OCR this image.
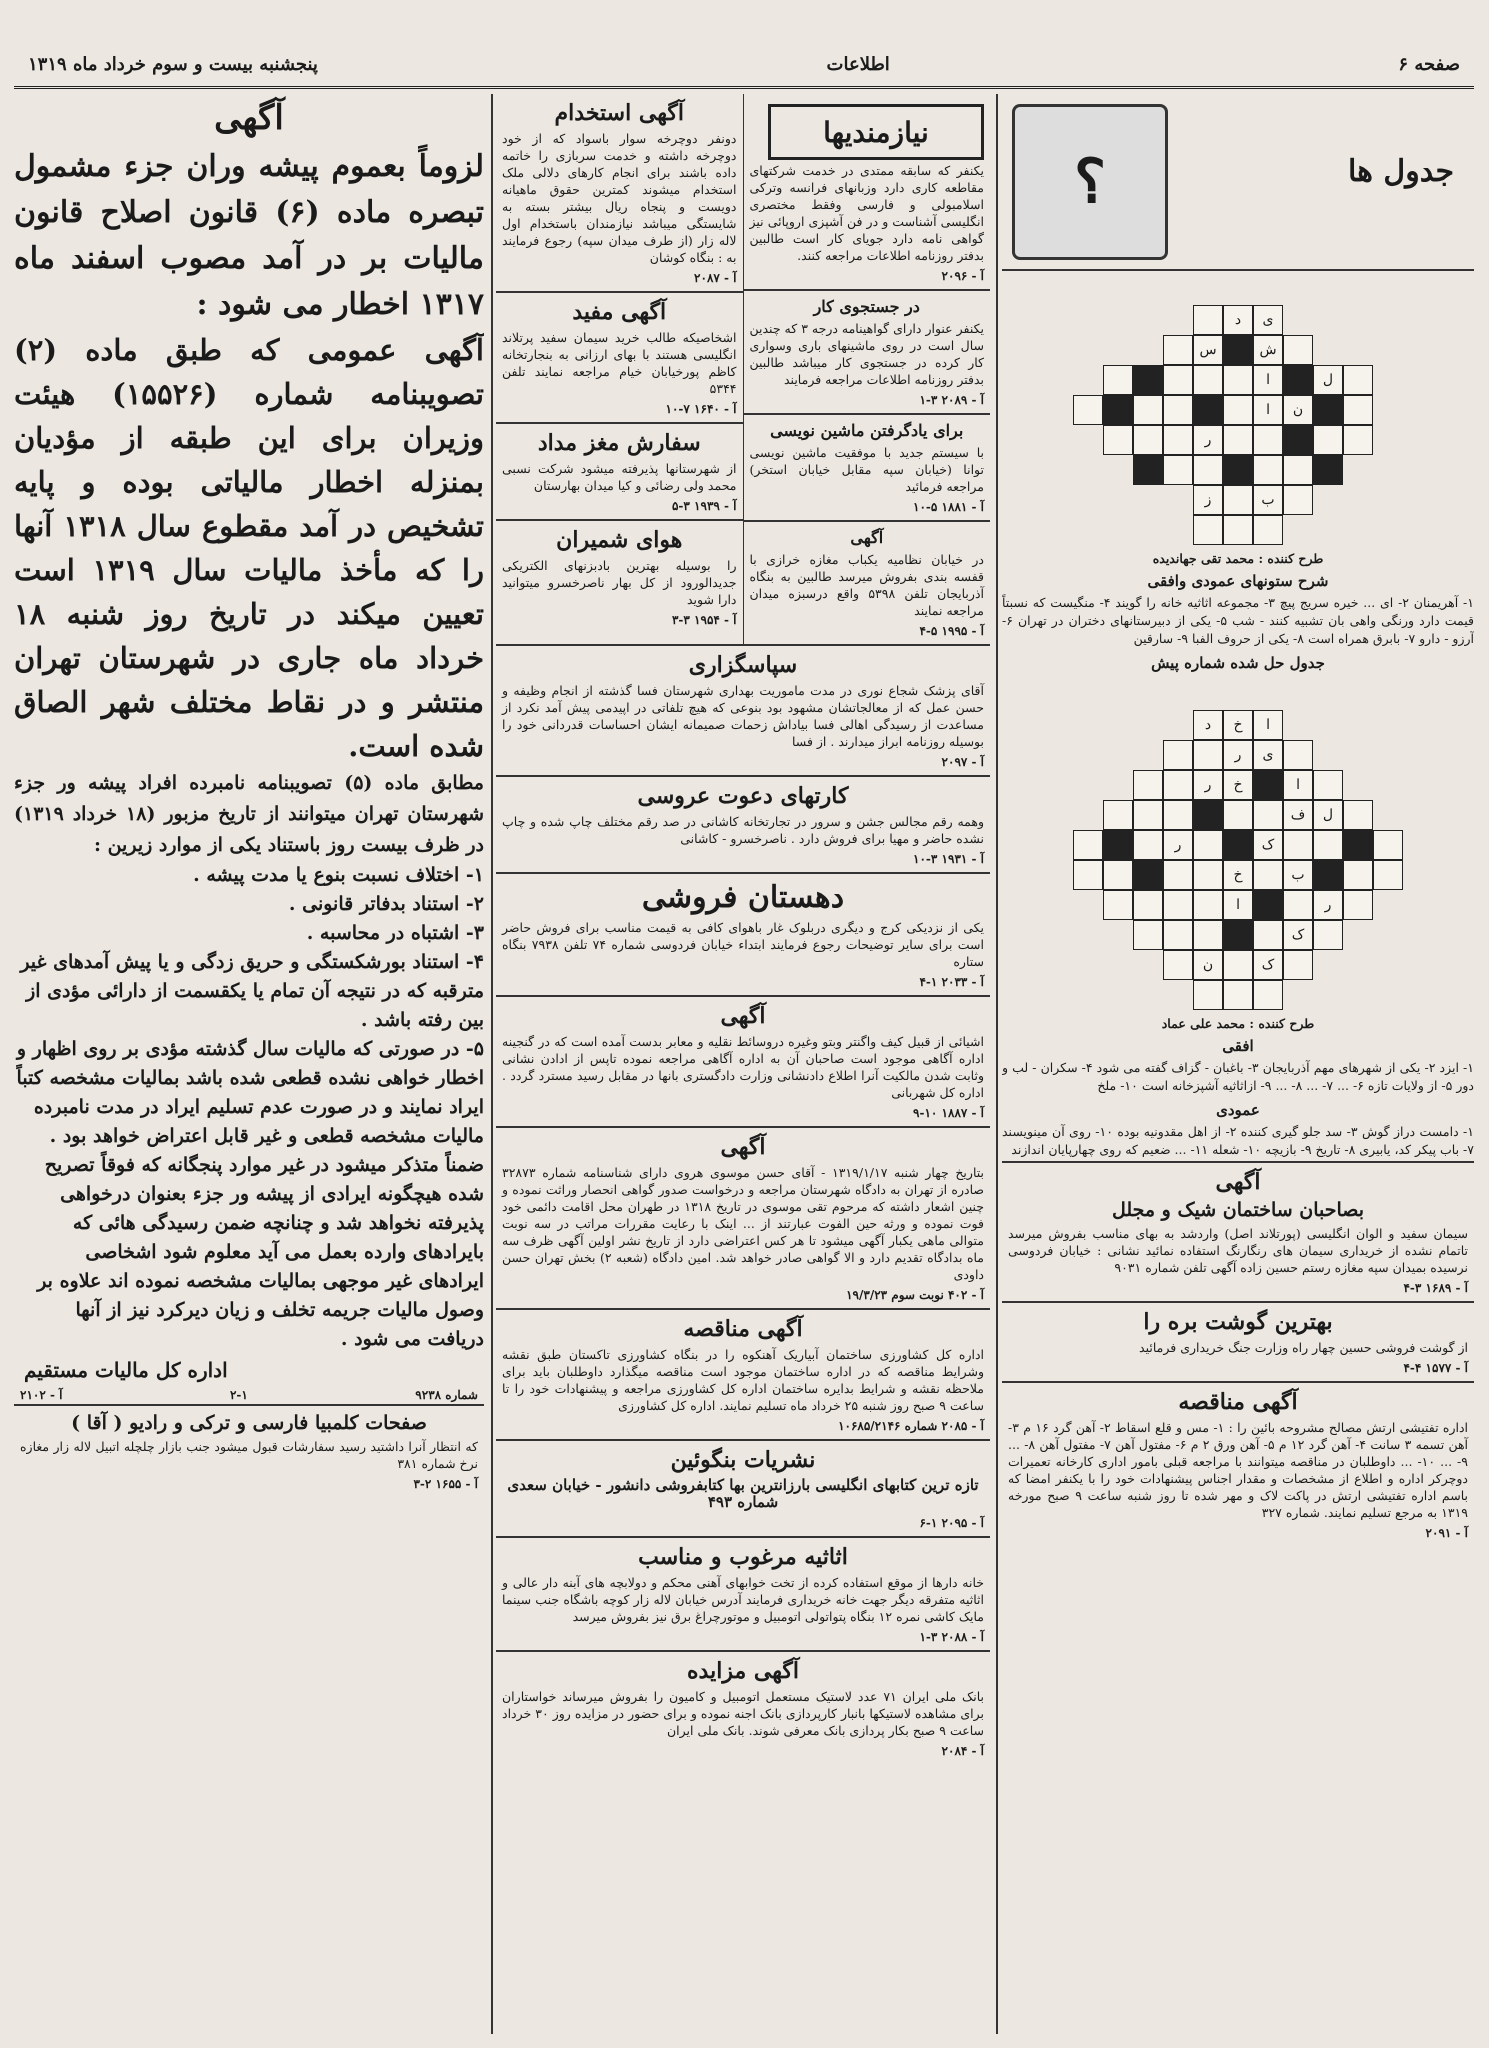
صفحه ۶
اطلاعات
پنجشنبه بیست و سوم خرداد ماه ۱۳۱۹
؟	جدول ها
ی
د
ش
س
ل
ا
ن
ا
ر
ب
ز
طرح کننده : محمد تقی جهاندیده
شرح ستونهای عمودی وافقی

۱- آهریمنان ۲- ای ... خیره سریج پیچ ۳- مجموعه اثاثیه خانه را گویند ۴- منگیست که نسبتاً قیمت دارد ورنگی واهی بان تشبیه کنند - شب ۵- یکی از دبیرستانهای دختران در تهران ۶- آرزو - دارو ۷- بابرق همراه است ۸- یکی از حروف الفبا ۹- سارقین

جدول حل شده شماره پیش
ا
خ
د
ی
ر
ا
خ
ر
ل
ف
ک
ر
ب
خ
ر
ا
ک
ک
ن
طرح کننده : محمد علی عماد
افقی

۱- ایزد ۲- یکی از شهرهای مهم آذربایجان ۳- باغبان - گزاف گفته می شود ۴- سکران - لب و دور ۵- از ولایات تازه ۶- ... ۷- ... ۸- ... ۹- ازاثاثیه آشپزخانه است ۱۰- ملخ

عمودی

۱- دامست دراز گوش ۳- سد جلو گیری کننده ۲- از اهل مقدونیه بوده ۱۰- روی آن مینویسند ۷- باب پیکر کد، یابیری ۸- تاریخ ۹- بازیچه ۱۰- شعله ۱۱- ... ضعیم که روی چهارپایان اندازند

آگهی
بصاحبان ساختمان شیک و مجلل

سیمان سفید و الوان انگلیسی (پورتلاند اصل) واردشد به بهای مناسب بفروش میرسد تاتمام نشده از خریداری سیمان های رنگارنگ استفاده نمائید نشانی : خیابان فردوسی نرسیده بمیدان سپه مغازه رستم حسین زاده آگهی تلفن شماره ۹۰۳۱

آ - ۱۶۸۹ ۳-۴
بهترین گوشت بره را

از گوشت فروشی حسین چهار راه وزارت جنگ خریداری فرمائید

آ - ۱۵۷۷ ۴-۴
آگهی مناقصه

اداره تفتیشی ارتش مصالح مشروحه بائین را : ۱- مس و قلع اسقاط ۲- آهن گرد ۱۶ م ۳- آهن تسمه ۳ سانت ۴- آهن گرد ۱۲ م ۵- آهن ورق ۲ م ۶- مفتول آهن ۷- مفتول آهن ۸- ... ۹- ... ۱۰- ... داوطلبان در مناقصه میتوانند با مراجعه قبلی بامور اداری کارخانه تعمیرات دوچرکر اداره و اطلاع از مشخصات و مقدار اجناس پیشنهادات خود را با یکنفر امضا که باسم اداره تفتیشی ارتش در پاکت لاک و مهر شده تا روز شنبه ساعت ۹ صبح مورخه ۱۳۱۹ به مرجع تسلیم نمایند. شماره ۳۲۷

آ - ۲۰۹۱
نیازمندیها

یکنفر که سابقه ممتدی در خدمت شرکتهای مقاطعه کاری دارد وزبانهای فرانسه وترکی اسلامبولی و فارسی وفقط مختصری انگلیسی آشناست و در فن آشپزی اروپائی نیز گواهی نامه دارد جویای کار است طالبین بدفتر روزنامه اطلاعات مراجعه کنند.

آ - ۲۰۹۶
در جستجوی کار

یکنفر عنوار دارای گواهینامه درجه ۳ که چندین سال است در روی ماشینهای باری وسواری کار کرده در جستجوی کار میباشد طالبین بدفتر روزنامه اطلاعات مراجعه فرمایند

آ - ۲۰۸۹ ۳-۱
برای یادگرفتن ماشین نویسی

با سیستم جدید با موفقیت ماشین نویسی توانا (خیابان سپه مقابل خیابان استخر) مراجعه فرمائید

آ - ۱۸۸۱ ۵-۱۰
آگهی

در خیابان نظامیه یکباب مغازه خرازی با قفسه بندی بفروش میرسد طالبین به بنگاه آذربایجان تلفن ۵۳۹۸ واقع درسبزه میدان مراجعه نمایند

آ - ۱۹۹۵ ۵-۴
آگهی استخدام

دونفر دوچرخه سوار باسواد که از خود دوچرخه داشته و خدمت سربازی را خاتمه داده باشند برای انجام کارهای دلالی ملک استخدام میشوند کمترین حقوق ماهیانه دویست و پنجاه ریال بیشتر بسته به شایستگی میباشد نیازمندان باستخدام اول لاله زار (از طرف میدان سپه) رجوع فرمایند به : بنگاه کوشان

آ - ۲۰۸۷
آگهی مفید

اشخاصیکه طالب خرید سیمان سفید پرتلاند انگلیسی هستند با بهای ارزانی به بنجارتخانه کاظم پورخیابان خیام مراجعه نمایند تلفن ۵۳۴۴

آ - ۱۶۴۰ ۷-۱۰
سفارش مغز مداد

از شهرستانها پذیرفته میشود شرکت نسبی محمد ولی رضائی و کیا میدان بهارستان

آ - ۱۹۳۹ ۳-۵
هوای شمیران

را بوسیله بهترین بادبزنهای الکتریکی جدیدالورود از کل بهار ناصرخسرو میتوانید دارا شوید

آ - ۱۹۵۴ ۳-۳
سپاسگزاری

آقای پزشک شجاع نوری در مدت ماموریت بهداری شهرستان فسا گذشته از انجام وظیفه و حسن عمل که از معالجاتشان مشهود بود بنوعی که هیچ تلفاتی در اپیدمی پیش آمد نکرد از مساعدت از رسیدگی اهالی فسا بیاداش زحمات صمیمانه ایشان احساسات قدردانی خود را بوسیله روزنامه ابراز میدارند . از فسا

آ - ۲۰۹۷
کارتهای دعوت عروسی

وهمه رقم مجالس جشن و سرور در تجارتخانه کاشانی در صد رقم مختلف چاپ شده و چاپ نشده حاضر و مهیا برای فروش دارد . ناصرخسرو - کاشانی

آ - ۱۹۳۱ ۳-۱۰
دهستان فروشی

یکی از نزدیکی کرج و دیگری دربلوک غار باهوای کافی به قیمت مناسب برای فروش حاضر است برای سایر توضیحات رجوع فرمایند ابتداء خیابان فردوسی شماره ۷۴ تلفن ۷۹۳۸ بنگاه ستاره

آ - ۲۰۳۳ ۱-۴
آگهی

اشیائی از قبیل کیف واگنتر وبتو وغیره دروسائط نقلیه و معابر بدست آمده است که در گنجینه اداره آگاهی موجود است صاحبان آن به اداره آگاهی مراجعه نموده تاپس از ادادن نشانی وثابت شدن مالکیت آنرا اطلاع دادنشانی وزارت دادگستری بانها در مقابل رسید مسترد گردد . اداره کل شهربانی

آ - ۱۸۸۷ ۱۰-۹
آگهی

بتاریخ چهار شنبه ۱۳۱۹/۱/۱۷ - آقای حسن موسوی هروی دارای شناسنامه شماره ۳۲۸۷۳ صادره از تهران به دادگاه شهرستان مراجعه و درخواست صدور گواهی انحصار وراثت نموده و چنین اشعار داشته که مرحوم تقی موسوی در تاریخ ۱۳۱۸ در طهران محل اقامت دائمی خود فوت نموده و ورثه حین الفوت عبارتند از ... اینک با رعایت مقررات مراتب در سه نوبت متوالی ماهی یکبار آگهی میشود تا هر کس اعتراضی دارد از تاریخ نشر اولین آگهی ظرف سه ماه بدادگاه تقدیم دارد و الا گواهی صادر خواهد شد. امین دادگاه (شعبه ۲) بخش تهران حسن داودی

آ - ۴۰۲ نوبت سوم ۱۹/۳/۲۳
آگهی مناقصه

اداره کل کشاورزی ساختمان آبیاریک آهنکوه را در بنگاه کشاورزی تاکستان طبق نقشه وشرایط مناقصه که در اداره ساختمان موجود است مناقصه میگذارد داوطلبان باید برای ملاحظه نقشه و شرایط بدایره ساختمان اداره کل کشاورزی مراجعه و پیشنهادات خود را تا ساعت ۹ صبح روز شنبه ۲۵ خرداد ماه تسلیم نمایند. اداره کل کشاورزی

آ - ۲۰۸۵ شماره ۱۰۶۸۵/۲۱۴۶
نشریات بنگوئین

تازه ترین کتابهای انگلیسی بارزانترین بها کتابفروشی دانشور - خیابان سعدی شماره ۴۹۳

آ - ۲۰۹۵ ۱-۶
اثاثیه مرغوب و مناسب

خانه دارها از موقع استفاده کرده از تخت خوابهای آهنی محکم و دولابچه های آبنه دار عالی و اثاثیه متفرقه دیگر جهت خانه خریداری فرمایند آدرس خیابان لاله زار کوچه باشگاه جنب سینما مایک کاشی نمره ۱۲ بنگاه پتواتولی اتومبیل و موتورچراغ برق نیز بفروش میرسد

آ - ۲۰۸۸ ۳-۱
آگهی مزایده

بانک ملی ایران ۷۱ عدد لاستیک مستعمل اتومبیل و کامیون را بفروش میرساند خواستاران برای مشاهده لاستیکها بانبار کارپردازی بانک اجنه نموده و برای حضور در مزایده روز ۳۰ خرداد ساعت ۹ صبح بکار پردازی بانک معرفی شوند. بانک ملی ایران

آ - ۲۰۸۴
آگهی

لزوماً بعموم پیشه وران جزء مشمول تبصره ماده (۶) قانون اصلاح قانون مالیات بر در آمد مصوب اسفند ماه ۱۳۱۷ اخطار می شود :

آگهی عمومی که طبق ماده (۲) تصویبنامه شماره (۱۵۵۲۶) هیئت وزیران برای این طبقه از مؤدیان بمنزله اخطار مالیاتی بوده و پایه تشخیص در آمد مقطوع سال ۱۳۱۸ آنها را که مأخذ مالیات سال ۱۳۱۹ است تعیین میکند در تاریخ روز شنبه ۱۸ خرداد ماه جاری در شهرستان تهران منتشر و در نقاط مختلف شهر الصاق شده است.

مطابق ماده (۵) تصویبنامه نامبرده افراد پیشه ور جزء شهرستان تهران میتوانند از تاریخ مزبور (۱۸ خرداد ۱۳۱۹) در ظرف بیست روز باستناد یکی از موارد زیرین :

۱- اختلاف نسبت بنوع یا مدت پیشه .

۲- استناد بدفاتر قانونی .

۳- اشتباه در محاسبه .

۴- استناد بورشکستگی و حریق زدگی و یا پیش آمدهای غیر مترقبه که در نتیجه آن تمام یا یکقسمت از دارائی مؤدی از بین رفته باشد .

۵- در صورتی که مالیات سال گذشته مؤدی بر روی اظهار و اخطار خواهی نشده قطعی شده باشد بمالیات مشخصه کتباً ایراد نمایند و در صورت عدم تسلیم ایراد در مدت نامبرده مالیات مشخصه قطعی و غیر قابل اعتراض خواهد بود .

ضمناً متذکر میشود در غیر موارد پنجگانه که فوقاً تصریح شده هیچگونه ایرادی از پیشه ور جزء بعنوان درخواهی پذیرفته نخواهد شد و چنانچه ضمن رسیدگی هائی که بایرادهای وارده بعمل می آید معلوم شود اشخاصی ایرادهای غیر موجهی بمالیات مشخصه نموده اند علاوه بر وصول مالیات جریمه تخلف و زیان دیرکرد نیز از آنها دریافت می شود .

اداره کل مالیات مستقیم
شماره ۹۲۳۸
۲-۱
آ - ۲۱۰۲
صفحات کلمبیا فارسی و ترکی و رادیو ( آقا )

که انتظار آنرا داشتید رسید سفارشات قبول میشود جنب بازار چلچله اتبیل لاله زار مغازه نرخ شماره ۳۸۱

آ - ۱۶۵۵ ۲-۳
